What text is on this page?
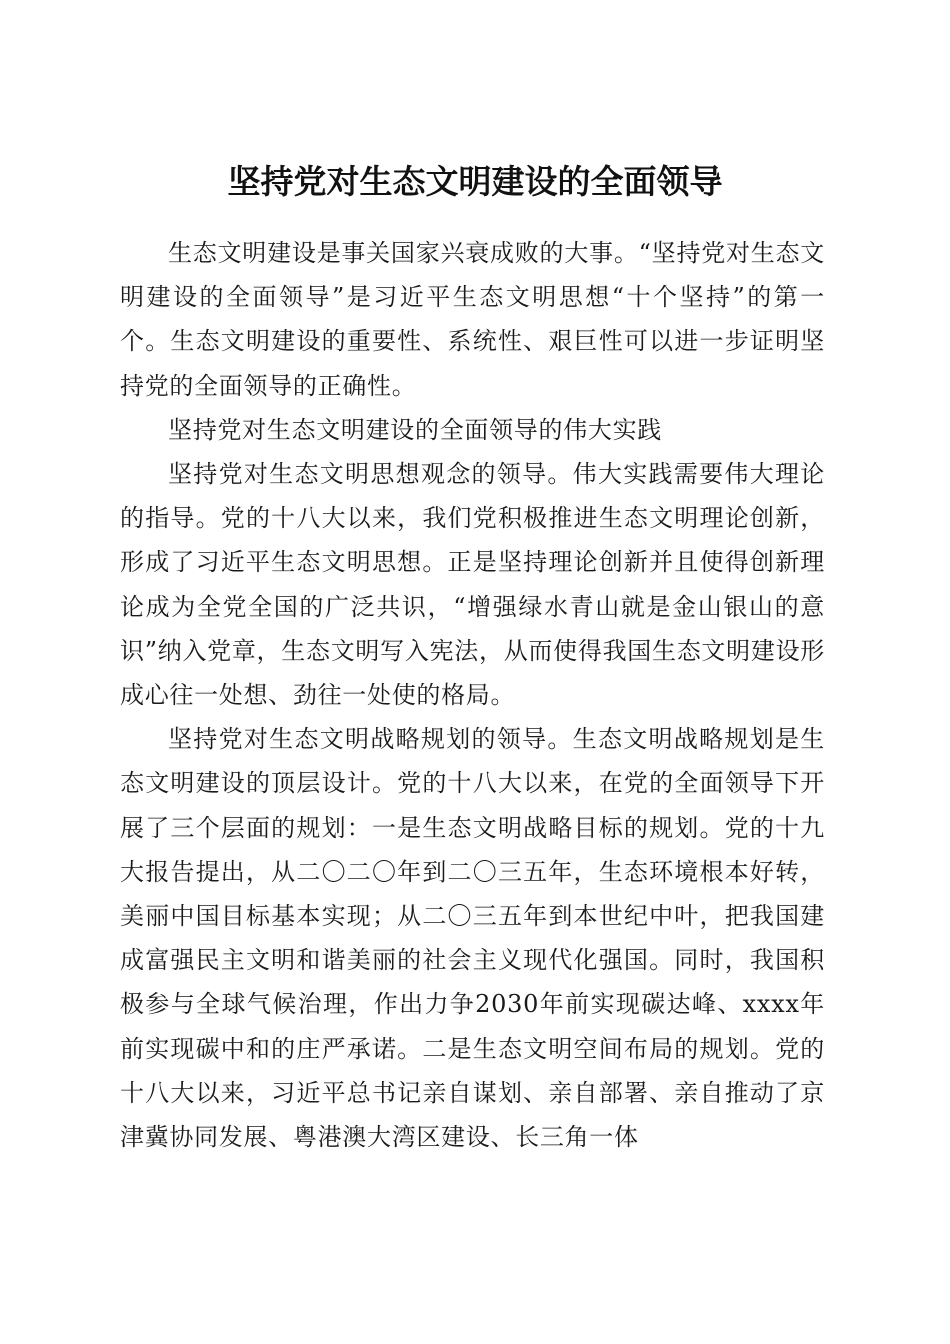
坚持党对生态文明建设的全面领导

生态文明建设是事关国家兴衰成败的大事。“坚持党对生态文明建设的全面领导”是习近平生态文明思想“十个坚持”的第一个。生态文明建设的重要性、系统性、艰巨性可以进一步证明坚持党的全面领导的正确性。

坚持党对生态文明建设的全面领导的伟大实践

坚持党对生态文明思想观念的领导。伟大实践需要伟大理论的指导。党的十八大以来，我们党积极推进生态文明理论创新，形成了习近平生态文明思想。正是坚持理论创新并且使得创新理论成为全党全国的广泛共识，“增强绿水青山就是金山银山的意识”纳入党章，生态文明写入宪法，从而使得我国生态文明建设形成心往一处想、劲往一处使的格局。

坚持党对生态文明战略规划的领导。生态文明战略规划是生态文明建设的顶层设计。党的十八大以来，在党的全面领导下开展了三个层面的规划：一是生态文明战略目标的规划。党的十九大报告提出，从二〇二〇年到二〇三五年，生态环境根本好转，美丽中国目标基本实现；从二〇三五年到本世纪中叶，把我国建成富强民主文明和谐美丽的社会主义现代化强国。同时，我国积极参与全球气候治理，作出力争2030年前实现碳达峰、xxxx年前实现碳中和的庄严承诺。二是生态文明空间布局的规划。党的十八大以来，习近平总书记亲自谋划、亲自部署、亲自推动了京津冀协同发展、粤港澳大湾区建设、长三角一体
